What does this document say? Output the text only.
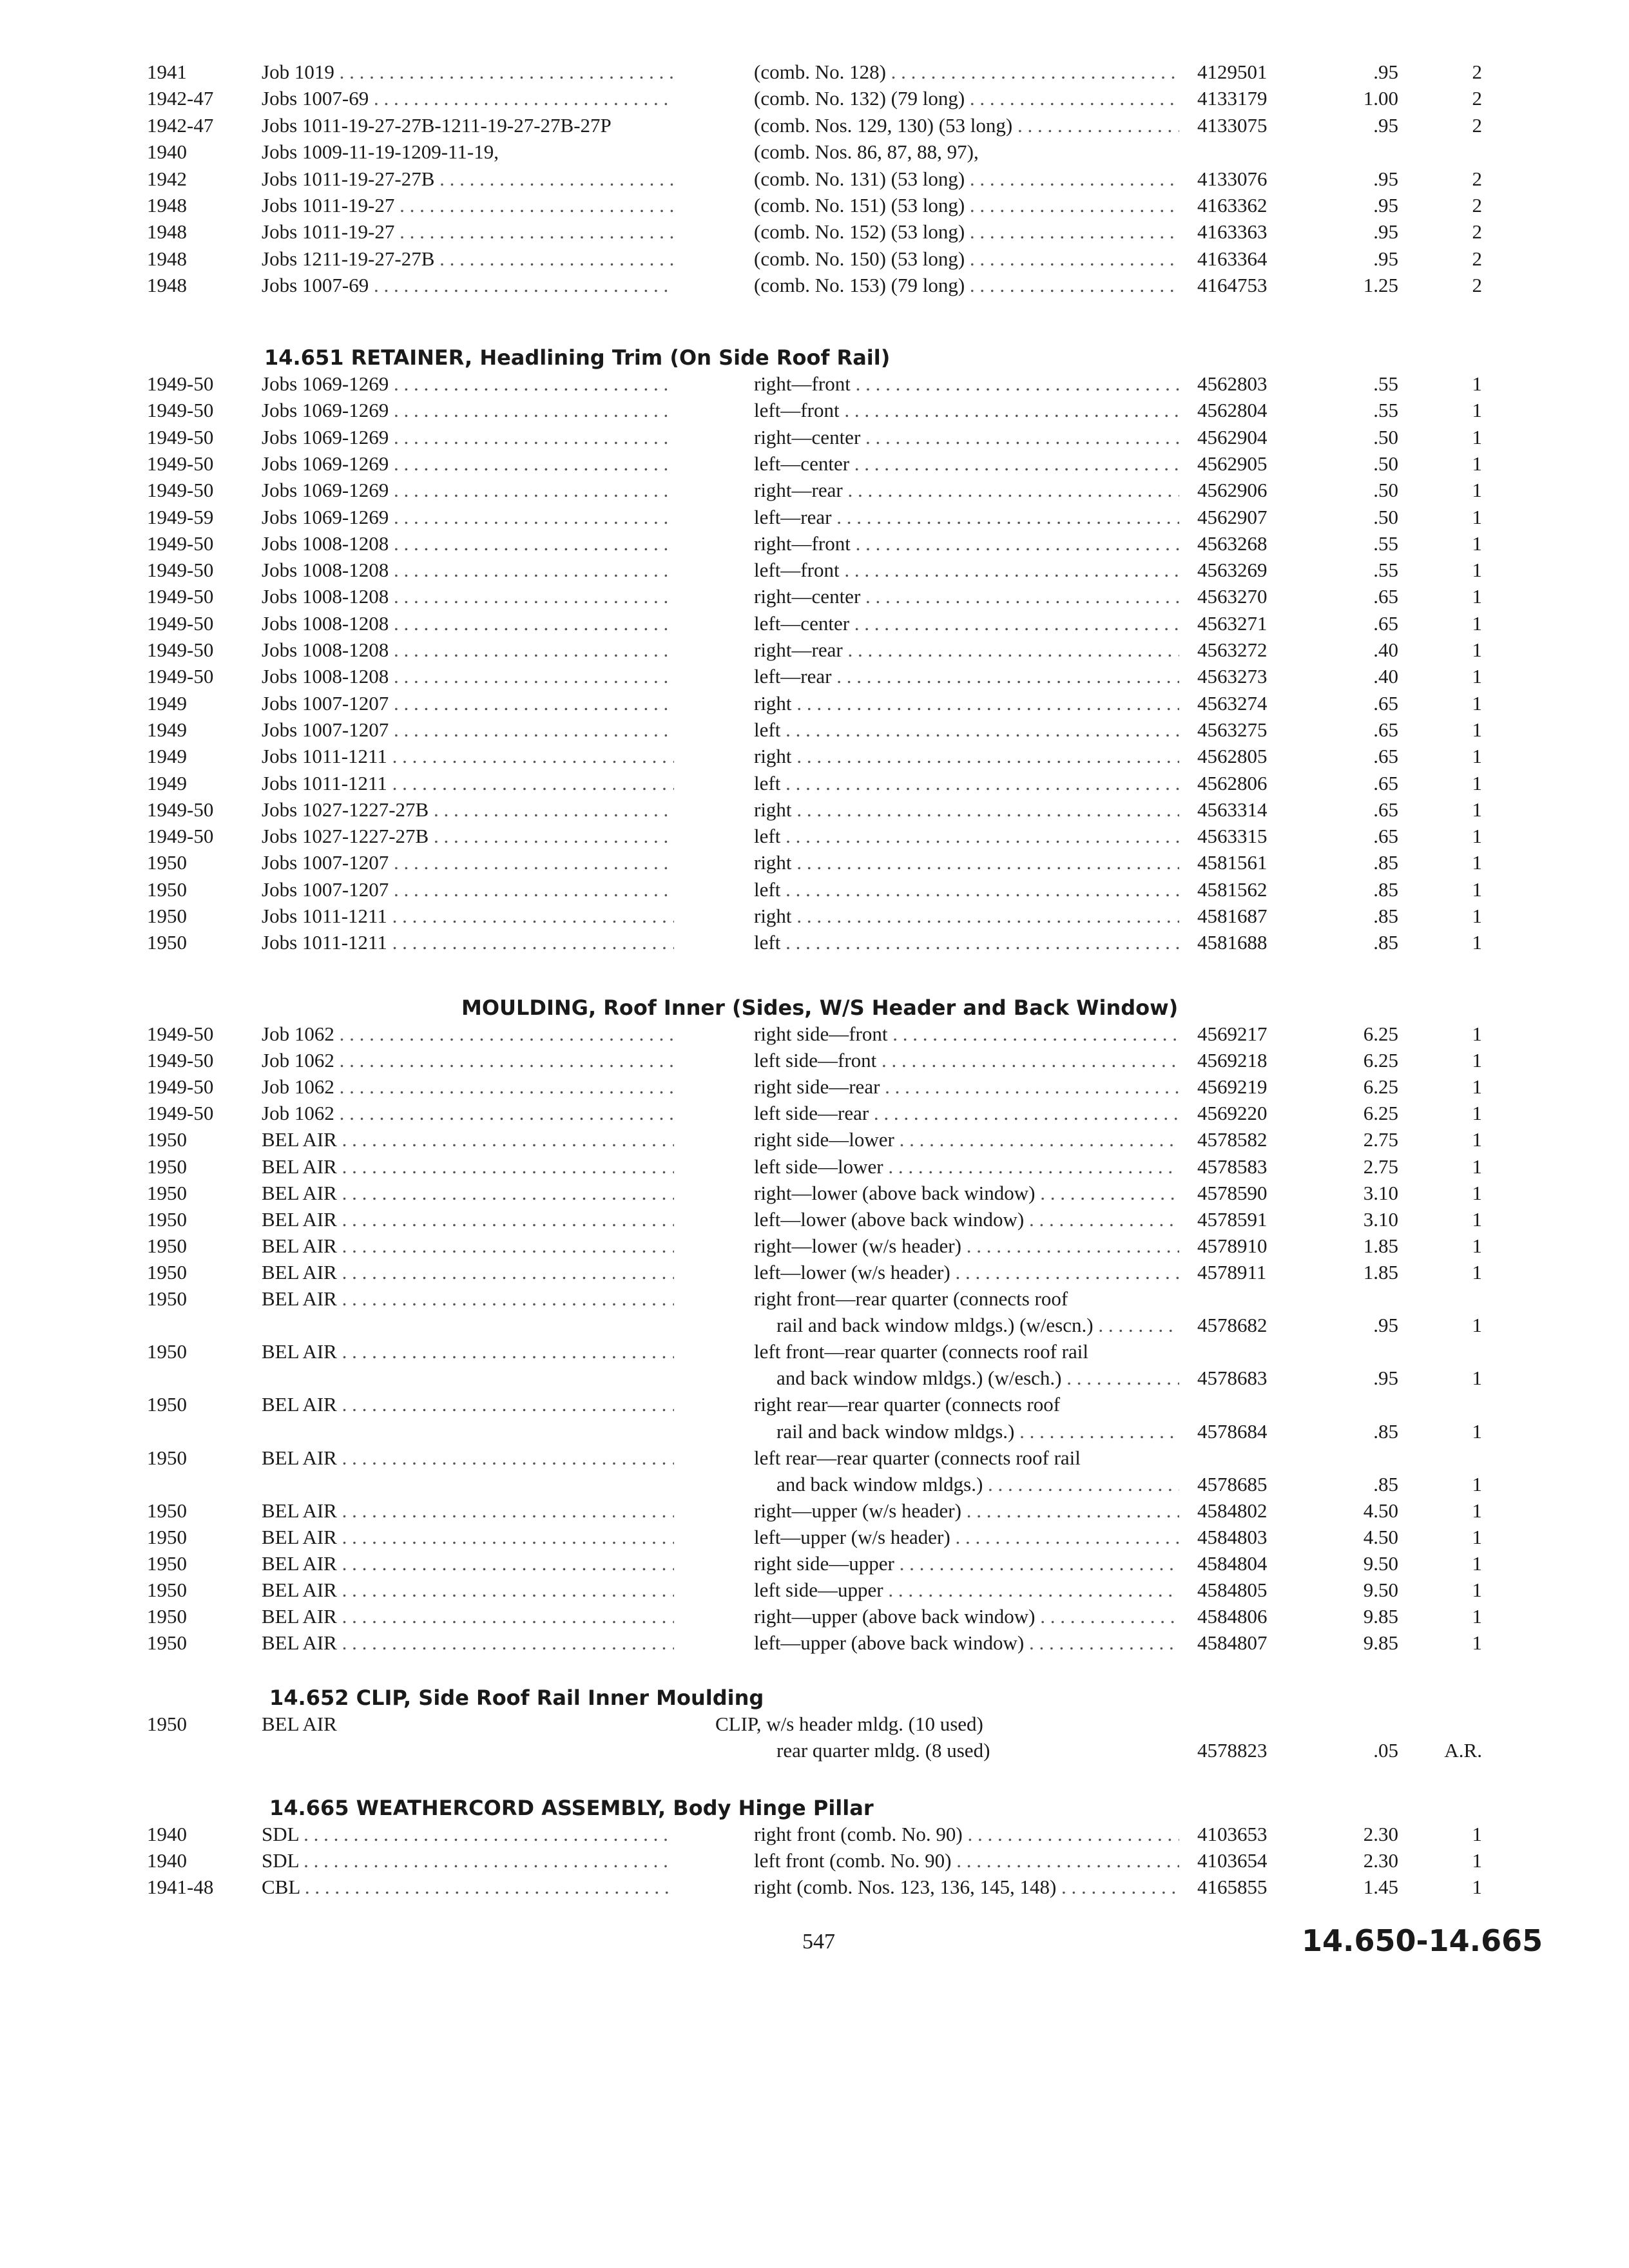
1941	Job 1019 . . .	(comb. No. 128) . . .	4129501	.95	2
1942-47	Jobs 1007-69 . . .	(comb. No. 132) (79 long) . . .	4133179	1.00	2
1942-47	Jobs 1011-19-27-27B-1211-19-27-27B-27P	(comb. Nos. 129, 130) (53 long) . . .	4133075	.95	2
1940	Jobs 1009-11-19-1209-11-19,	(comb. Nos. 86, 87, 88, 97),
1942	Jobs 1011-19-27-27B . . .	(comb. No. 131) (53 long) . . .	4133076	.95	2
1948	Jobs 1011-19-27 . . .	(comb. No. 151) (53 long) . . .	4163362	.95	2
1948	Jobs 1011-19-27 . . .	(comb. No. 152) (53 long) . . .	4163363	.95	2
1948	Jobs 1211-19-27-27B . . .	(comb. No. 150) (53 long) . . .	4163364	.95	2
1948	Jobs 1007-69 . . .	(comb. No. 153) (79 long) . . .	4164753	1.25	2
14.651 RETAINER, Headlining Trim (On Side Roof Rail)
1949-50	Jobs 1069-1269 . . .	right—front . . .	4562803	.55	1
1949-50	Jobs 1069-1269 . . .	left—front . . .	4562804	.55	1
1949-50	Jobs 1069-1269 . . .	right—center . . .	4562904	.50	1
1949-50	Jobs 1069-1269 . . .	left—center . . .	4562905	.50	1
1949-50	Jobs 1069-1269 . . .	right—rear . . .	4562906	.50	1
1949-59	Jobs 1069-1269 . . .	left—rear . . .	4562907	.50	1
1949-50	Jobs 1008-1208 . . .	right—front . . .	4563268	.55	1
1949-50	Jobs 1008-1208 . . .	left—front . . .	4563269	.55	1
1949-50	Jobs 1008-1208 . . .	right—center . . .	4563270	.65	1
1949-50	Jobs 1008-1208 . . .	left—center . . .	4563271	.65	1
1949-50	Jobs 1008-1208 . . .	right—rear . . .	4563272	.40	1
1949-50	Jobs 1008-1208 . . .	left—rear . . .	4563273	.40	1
1949	Jobs 1007-1207 . . .	right . . .	4563274	.65	1
1949	Jobs 1007-1207 . . .	left . . .	4563275	.65	1
1949	Jobs 1011-1211 . . .	right . . .	4562805	.65	1
1949	Jobs 1011-1211 . . .	left . . .	4562806	.65	1
1949-50	Jobs 1027-1227-27B . . .	right . . .	4563314	.65	1
1949-50	Jobs 1027-1227-27B . . .	left . . .	4563315	.65	1
1950	Jobs 1007-1207 . . .	right . . .	4581561	.85	1
1950	Jobs 1007-1207 . . .	left . . .	4581562	.85	1
1950	Jobs 1011-1211 . . .	right . . .	4581687	.85	1
1950	Jobs 1011-1211 . . .	left . . .	4581688	.85	1
MOULDING, Roof Inner (Sides, W/S Header and Back Window)
1949-50	Job 1062 . . .	right side—front . . .	4569217	6.25	1
1949-50	Job 1062 . . .	left side—front . . .	4569218	6.25	1
1949-50	Job 1062 . . .	right side—rear . . .	4569219	6.25	1
1949-50	Job 1062 . . .	left side—rear . . .	4569220	6.25	1
1950	BEL AIR . . .	right side—lower . . .	4578582	2.75	1
1950	BEL AIR . . .	left side—lower . . .	4578583	2.75	1
1950	BEL AIR . . .	right—lower (above back window) . . .	4578590	3.10	1
1950	BEL AIR . . .	left—lower (above back window) . . .	4578591	3.10	1
1950	BEL AIR . . .	right—lower (w/s header) . . .	4578910	1.85	1
1950	BEL AIR . . .	left—lower (w/s header) . . .	4578911	1.85	1
1950	BEL AIR . . .	right front—rear quarter (connects roof
rail and back window mldgs.) (w/escn.) . . .	4578682	.95	1
1950	BEL AIR . . .	left front—rear quarter (connects roof rail
and back window mldgs.) (w/esch.) . . .	4578683	.95	1
1950	BEL AIR . . .	right rear—rear quarter (connects roof
rail and back window mldgs.) . . .	4578684	.85	1
1950	BEL AIR . . .	left rear—rear quarter (connects roof rail
and back window mldgs.) . . .	4578685	.85	1
1950	BEL AIR . . .	right—upper (w/s header) . . .	4584802	4.50	1
1950	BEL AIR . . .	left—upper (w/s header) . . .	4584803	4.50	1
1950	BEL AIR . . .	right side—upper . . .	4584804	9.50	1
1950	BEL AIR . . .	left side—upper . . .	4584805	9.50	1
1950	BEL AIR . . .	right—upper (above back window) . . .	4584806	9.85	1
1950	BEL AIR . . .	left—upper (above back window) . . .	4584807	9.85	1
14.652 CLIP, Side Roof Rail Inner Moulding
1950	BEL AIR	CLIP, w/s header mldg. (10 used)
rear quarter mldg. (8 used)	4578823	.05	A.R.
14.665 WEATHERCORD ASSEMBLY, Body Hinge Pillar
1940	SDL . . .	right front (comb. No. 90) . . .	4103653	2.30	1
1940	SDL . . .	left front (comb. No. 90) . . .	4103654	2.30	1
1941-48	CBL . . .	right (comb. Nos. 123, 136, 145, 148) . . .	4165855	1.45	1
547	14.650-14.665
